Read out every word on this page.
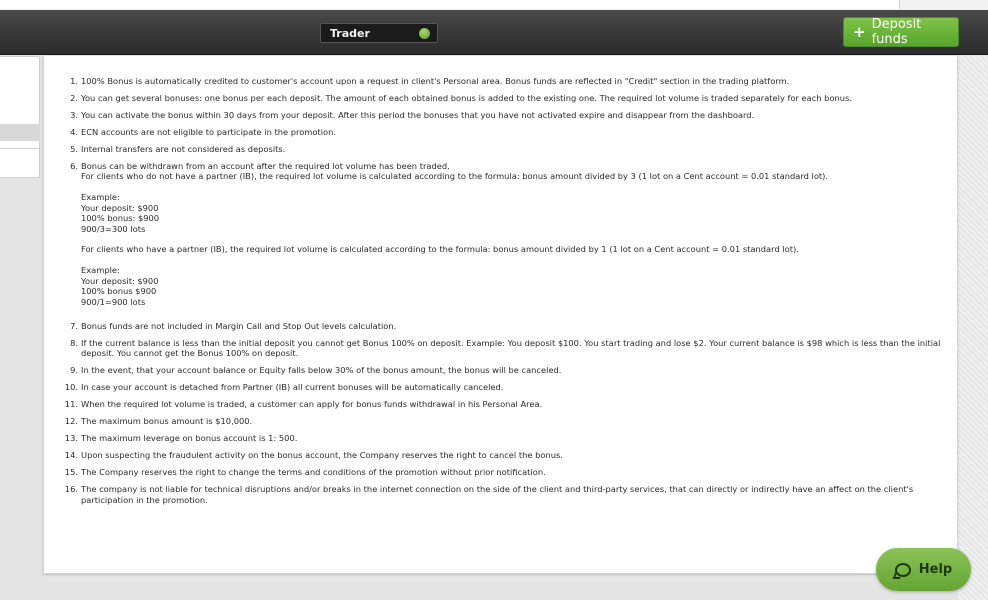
Trader	+ Deposit funds
1. 100% Bonus is automatically credited to customer's account upon a request in client's Personal area. Bonus funds are reflected in "Credit" section in the trading platform.
2. You can get several bonuses: one bonus per each deposit. The amount of each obtained bonus is added to the existing one. The required lot volume is traded separately for each bonus.
3. You can activate the bonus within 30 days from your deposit. After this period the bonuses that you have not activated expire and disappear from the dashboard.
4. ECN accounts are not eligible to participate in the promotion.
5. Internal transfers are not considered as deposits.
6. Bonus can be withdrawn from an account after the required lot volume has been traded.
For clients who do not have a partner (IB), the required lot volume is calculated according to the formula: bonus amount divided by 3 (1 lot on a Cent account = 0.01 standard lot).
Example:
Your deposit: $900
100% bonus: $900
900/3=300 lots
For clients who have a partner (IB), the required lot volume is calculated according to the formula: bonus amount divided by 1 (1 lot on a Cent account = 0.01 standard lot).
Example:
Your deposit: $900
100% bonus $900
900/1=900 lots
7. Bonus funds are not included in Margin Call and Stop Out levels calculation.
8. If the current balance is less than the initial deposit you cannot get Bonus 100% on deposit. Example: You deposit $100. You start trading and lose $2. Your current balance is $98 which is less than the initial deposit. You cannot get the Bonus 100% on deposit.
9. In the event, that your account balance or Equity falls below 30% of the bonus amount, the bonus will be canceled.
10. In case your account is detached from Partner (IB) all current bonuses will be automatically canceled.
11. When the required lot volume is traded, a customer can apply for bonus funds withdrawal in his Personal Area.
12. The maximum bonus amount is $10,000.
13. The maximum leverage on bonus account is 1: 500.
14. Upon suspecting the fraudulent activity on the bonus account, the Company reserves the right to cancel the bonus.
15. The Company reserves the right to change the terms and conditions of the promotion without prior notification.
16. The company is not liable for technical disruptions and/or breaks in the internet connection on the side of the client and third-party services, that can directly or indirectly have an affect on the client's participation in the promotion.
Help
